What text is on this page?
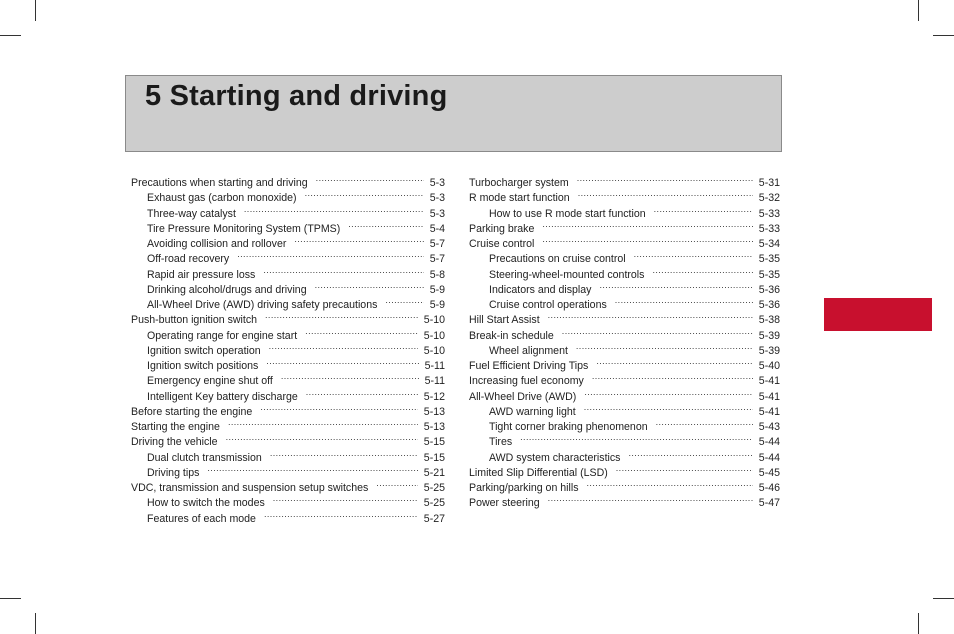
5 Starting and driving
Precautions when starting and driving .....	5-3
Exhaust gas (carbon monoxide) .....	5-3
Three-way catalyst .....	5-3
Tire Pressure Monitoring System (TPMS) .....	5-4
Avoiding collision and rollover .....	5-7
Off-road recovery .....	5-7
Rapid air pressure loss .....	5-8
Drinking alcohol/drugs and driving .....	5-9
All-Wheel Drive (AWD) driving safety precautions .....	5-9
Push-button ignition switch .....	5-10
Operating range for engine start .....	5-10
Ignition switch operation .....	5-10
Ignition switch positions .....	5-11
Emergency engine shut off .....	5-11
Intelligent Key battery discharge .....	5-12
Before starting the engine .....	5-13
Starting the engine .....	5-13
Driving the vehicle .....	5-15
Dual clutch transmission .....	5-15
Driving tips .....	5-21
VDC, transmission and suspension setup switches .....	5-25
How to switch the modes .....	5-25
Features of each mode .....	5-27
Turbocharger system .....	5-31
R mode start function .....	5-32
How to use R mode start function .....	5-33
Parking brake .....	5-33
Cruise control .....	5-34
Precautions on cruise control .....	5-35
Steering-wheel-mounted controls .....	5-35
Indicators and display .....	5-36
Cruise control operations .....	5-36
Hill Start Assist .....	5-38
Break-in schedule .....	5-39
Wheel alignment .....	5-39
Fuel Efficient Driving Tips .....	5-40
Increasing fuel economy .....	5-41
All-Wheel Drive (AWD) .....	5-41
AWD warning light .....	5-41
Tight corner braking phenomenon .....	5-43
Tires .....	5-44
AWD system characteristics .....	5-44
Limited Slip Differential (LSD) .....	5-45
Parking/parking on hills .....	5-46
Power steering .....	5-47
